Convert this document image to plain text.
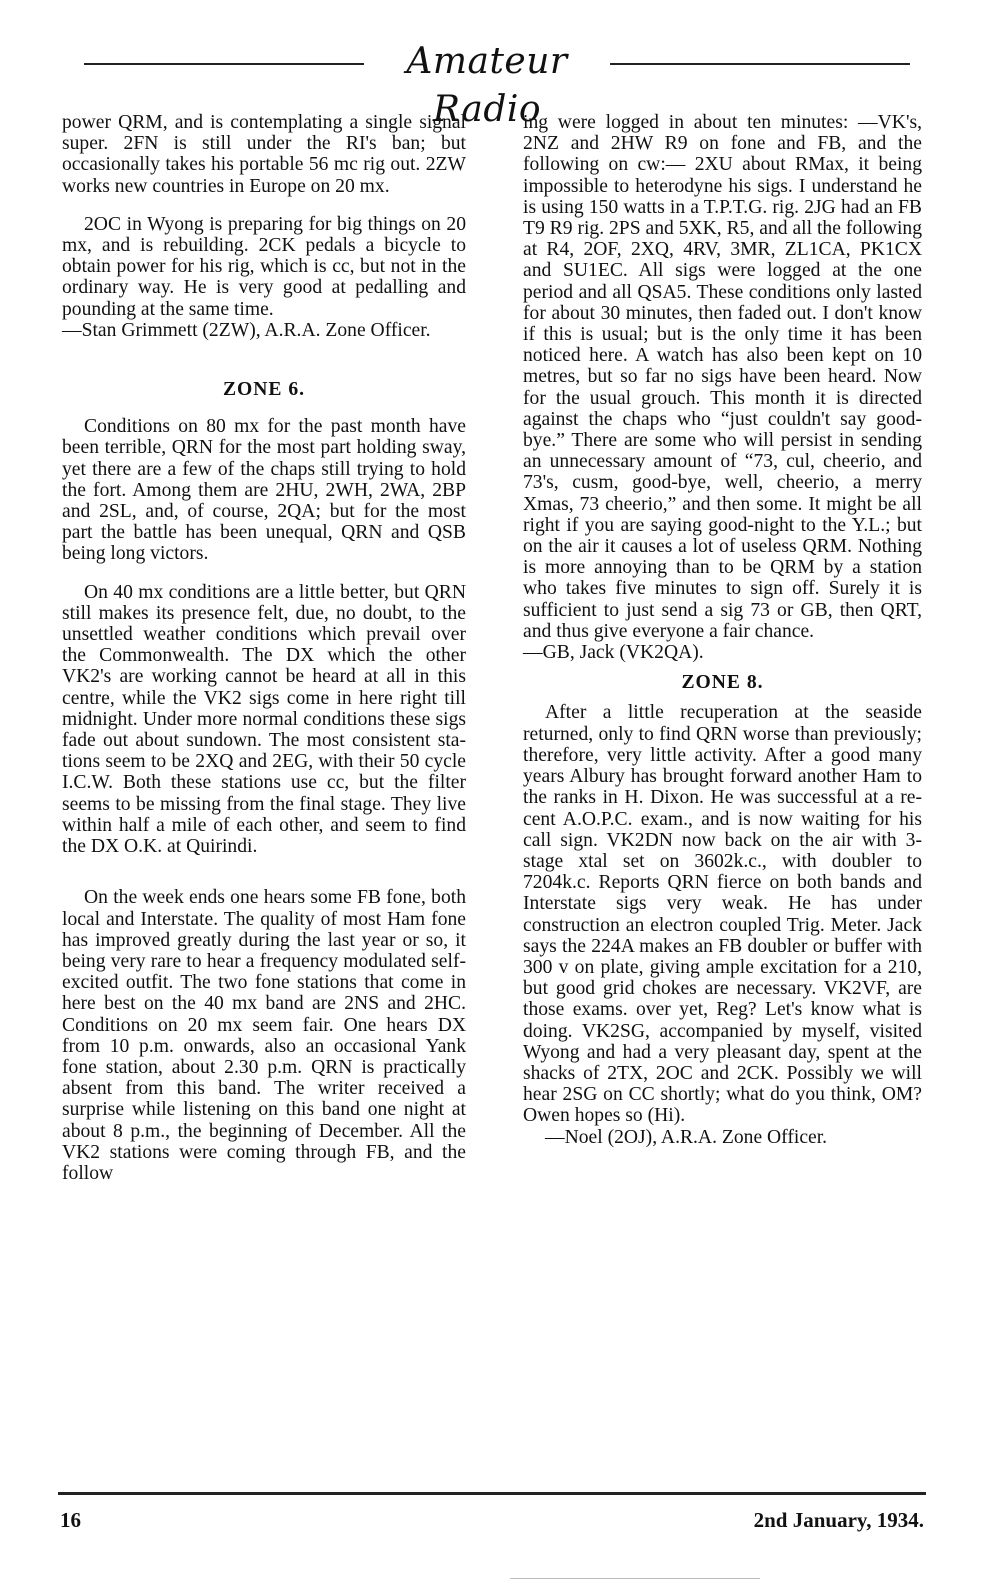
Amateur Radio

power QRM, and is contemplating a single signal super. 2FN is still under the RI's ban; but occasionally takes his portable 56 mc rig out. 2ZW works new countries in Europe on 20 mx.

2OC in Wyong is preparing for big things on 20 mx, and is rebuilding. 2CK pedals a bicycle to obtain power for his rig, which is cc, but not in the ordinary way. He is very good at pedalling and pounding at the same time.

—Stan Grimmett (2ZW), A.R.A. Zone Officer.

ZONE 6.

Conditions on 80 mx for the past month have been terrible, QRN for the most part holding sway, yet there are a few of the chaps still trying to hold the fort. Among them are 2HU, 2WH, 2WA, 2BP and 2SL, and, of course, 2QA; but for the most part the battle has been unequal, QRN and QSB being long victors.

On 40 mx conditions are a little better, but QRN still makes its presence felt, due, no doubt, to the unsettled weather conditions which prevail over the Commonwealth. The DX which the other VK2's are working cannot be heard at all in this centre, while the VK2 sigs come in here right till midnight. Under more normal conditions these sigs fade out about sundown. The most consistent stations seem to be 2XQ and 2EG, with their 50 cycle I.C.W. Both these stations use cc, but the filter seems to be missing from the final stage. They live within half a mile of each other, and seem to find the DX O.K. at Quirindi.

On the week ends one hears some FB fone, both local and Interstate. The quality of most Ham fone has improved greatly during the last year or so, it being very rare to hear a frequency modulated self-excited outfit. The two fone stations that come in here best on the 40 mx band are 2NS and 2HC. Conditions on 20 mx seem fair. One hears DX from 10 p.m. onwards, also an occasional Yank fone station, about 2.30 p.m. QRN is practically absent from this band. The writer received a surprise while listening on this band one night at about 8 p.m., the beginning of December. All the VK2 stations were coming through FB, and the follow

ing were logged in about ten minutes: —VK's, 2NZ and 2HW R9 on fone and FB, and the following on cw:— 2XU about RMax, it being impossible to heterodyne his sigs. I understand he is using 150 watts in a T.P.T.G. rig. 2JG had an FB T9 R9 rig. 2PS and 5XK, R5, and all the following at R4, 2OF, 2XQ, 4RV, 3MR, ZL1CA, PK1CX and SU1EC. All sigs were logged at the one period and all QSA5. These conditions only lasted for about 30 minutes, then faded out. I don't know if this is usual; but is the only time it has been noticed here. A watch has also been kept on 10 metres, but so far no sigs have been heard. Now for the usual grouch. This month it is directed against the chaps who “just couldn't say good-bye.” There are some who will persist in sending an unnecessary amount of “73, cul, cheerio, and 73's, cusm, good-bye, well, cheerio, a merry Xmas, 73 cheerio,” and then some. It might be all right if you are saying good-night to the Y.L.; but on the air it causes a lot of useless QRM. Nothing is more annoying than to be QRM by a station who takes five minutes to sign off. Surely it is sufficient to just send a sig 73 or GB, then QRT, and thus give everyone a fair chance.

—GB, Jack (VK2QA).

ZONE 8.

After a little recuperation at the seaside returned, only to find QRN worse than previously; therefore, very little activity. After a good many years Albury has brought forward another Ham to the ranks in H. Dixon. He was successful at a recent A.O.P.C. exam., and is now waiting for his call sign. VK2DN now back on the air with 3-stage xtal set on 3602k.c., with doubler to 7204k.c. Reports QRN fierce on both bands and Interstate sigs very weak. He has under construction an electron coupled Trig. Meter. Jack says the 224A makes an FB doubler or buffer with 300 v on plate, giving ample excitation for a 210, but good grid chokes are necessary. VK2VF, are those exams. over yet, Reg? Let's know what is doing. VK2SG, accompanied by myself, visited Wyong and had a very pleasant day, spent at the shacks of 2TX, 2OC and 2CK. Possibly we will hear 2SG on CC shortly; what do you think, OM? Owen hopes so (Hi).

—Noel (2OJ), A.R.A. Zone Officer.

16	2nd January, 1934.
